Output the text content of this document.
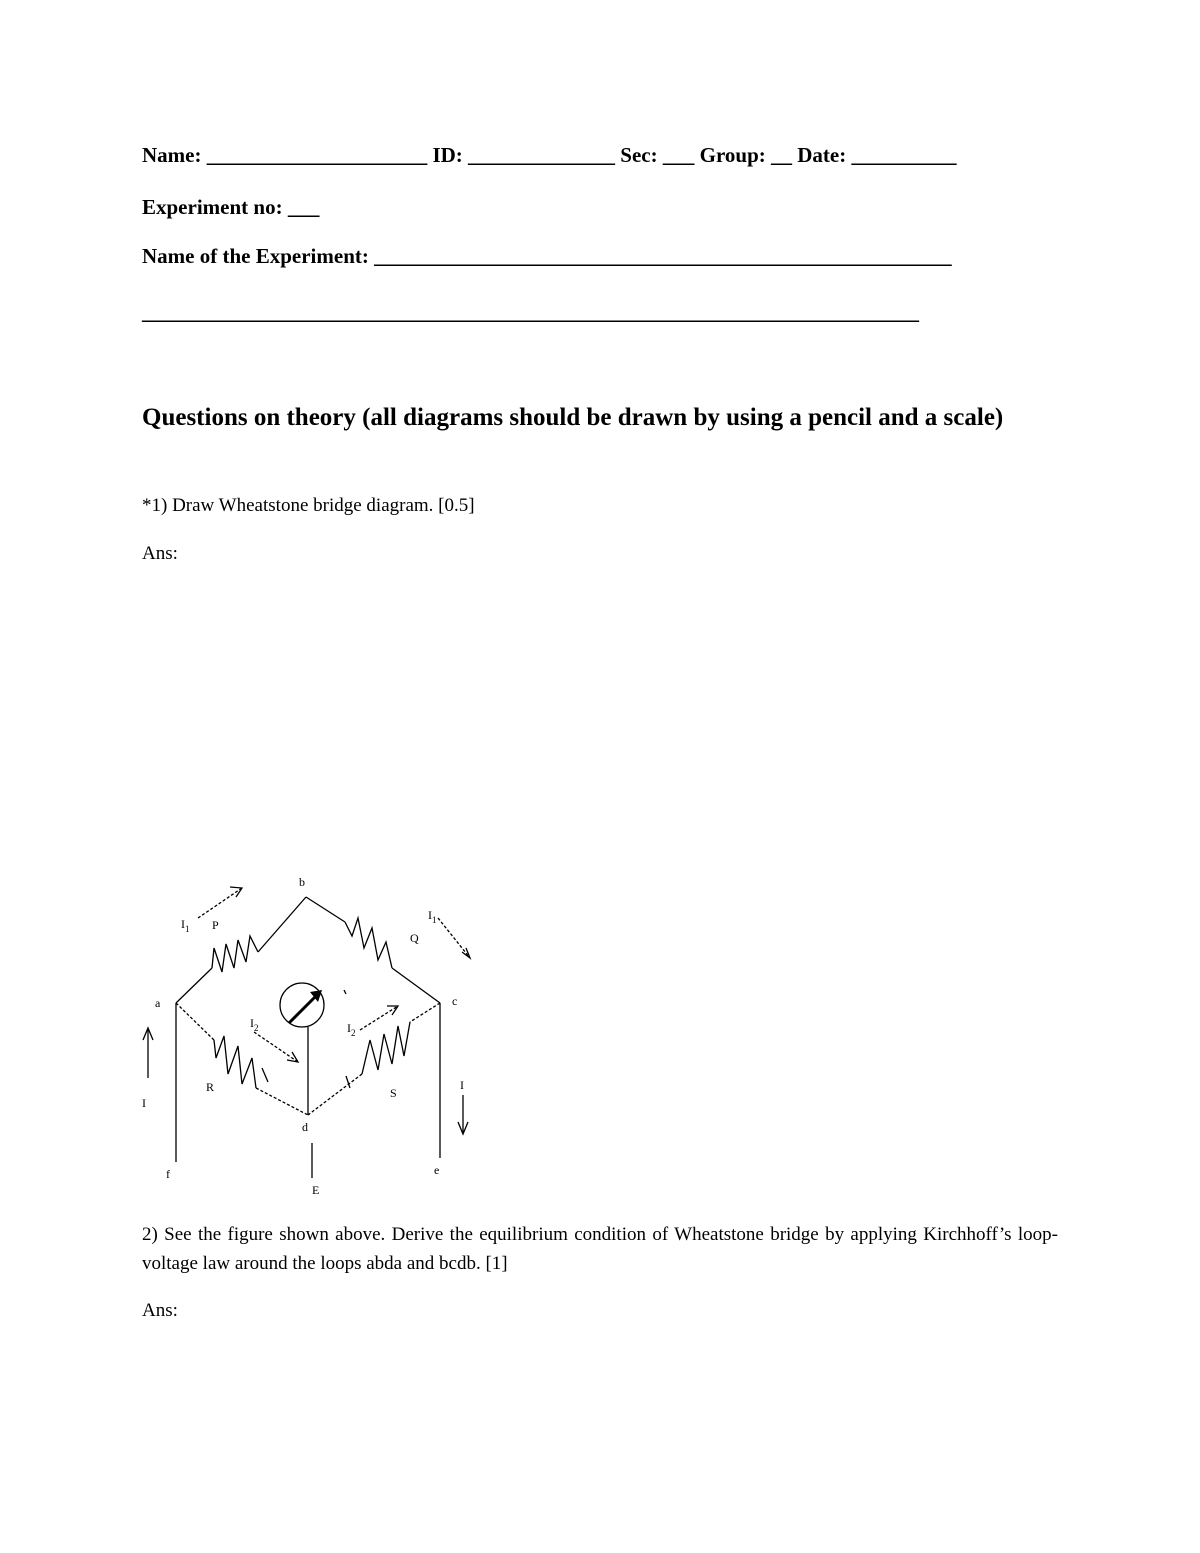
Name: _____________________ ID: ______________ Sec: ___ Group: __ Date: __________
Experiment no: ___
Name of the Experiment: _______________________________________________________
__________________________________________________________________________
Questions on theory (all diagrams should be drawn by using a pencil and a scale)
*1) Draw Wheatstone bridge diagram. [0.5]
Ans:
b
a	c
d
e
f
P
Q
R	S
E
I
I
$I_1$
$I_1$
$I_2$	$I_2$
2) See the figure shown above. Derive the equilibrium condition of Wheatstone bridge by applying Kirchhoff’s loop-voltage law around the loops abda and bcdb. [1]
Ans:
